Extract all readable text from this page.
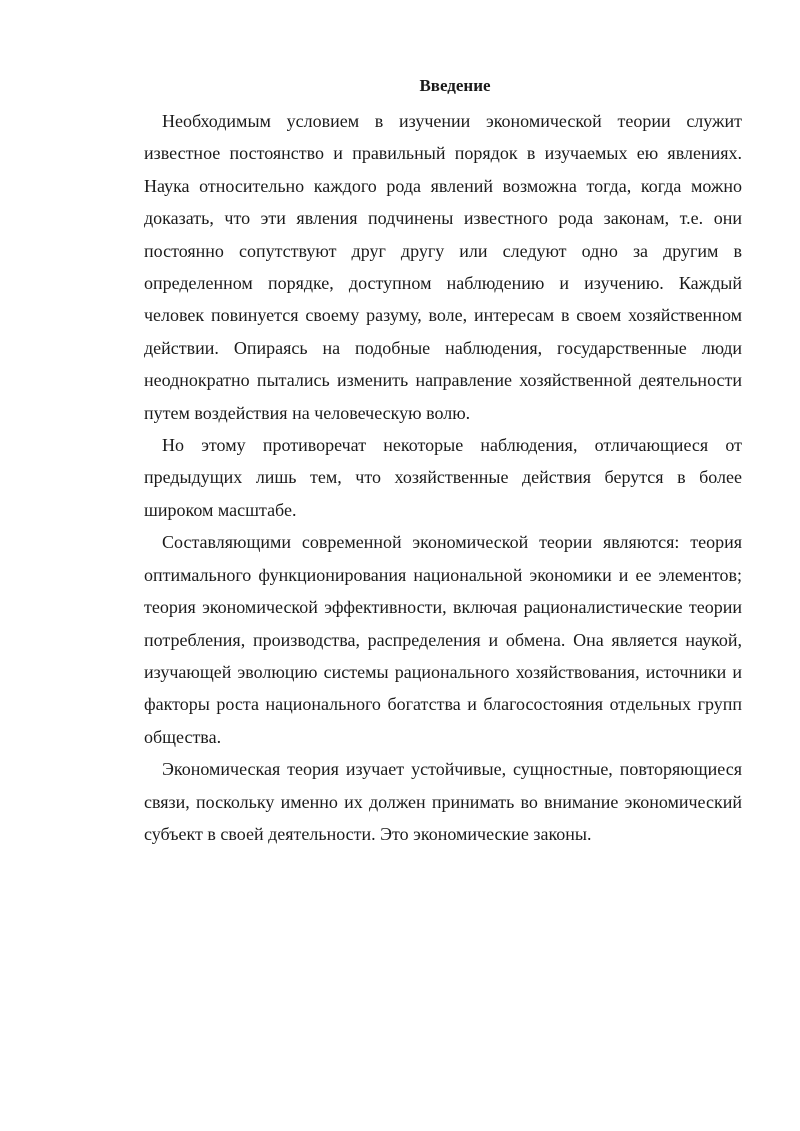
Введение

Необходимым условием в изучении экономической теории служит известное постоянство и правильный порядок в изучаемых ею явлениях. Наука относительно каждого рода явлений возможна тогда, когда можно доказать, что эти явления подчинены известного рода законам, т.е. они постоянно сопутствуют друг другу или следуют одно за другим в определенном порядке, доступном наблюдению и изучению. Каждый человек повинуется своему разуму, воле, интересам в своем хозяйственном действии. Опираясь на подобные наблюдения, государственные люди неоднократно пытались изменить направление хозяйственной деятельности путем воздействия на человеческую волю.

Но этому противоречат некоторые наблюдения, отличающиеся от предыдущих лишь тем, что хозяйственные действия берутся в более широком масштабе.

Составляющими современной экономической теории являются: теория оптимального функционирования национальной экономики и ее элементов; теория экономической эффективности, включая рационалистические теории потребления, производства, распределения и обмена. Она является наукой, изучающей эволюцию системы рационального хозяйствования, источники и факторы роста национального богатства и благосостояния отдельных групп общества.

Экономическая теория изучает устойчивые, сущностные, повторяющиеся связи, поскольку именно их должен принимать во внимание экономический субъект в своей деятельности. Это экономические законы.
